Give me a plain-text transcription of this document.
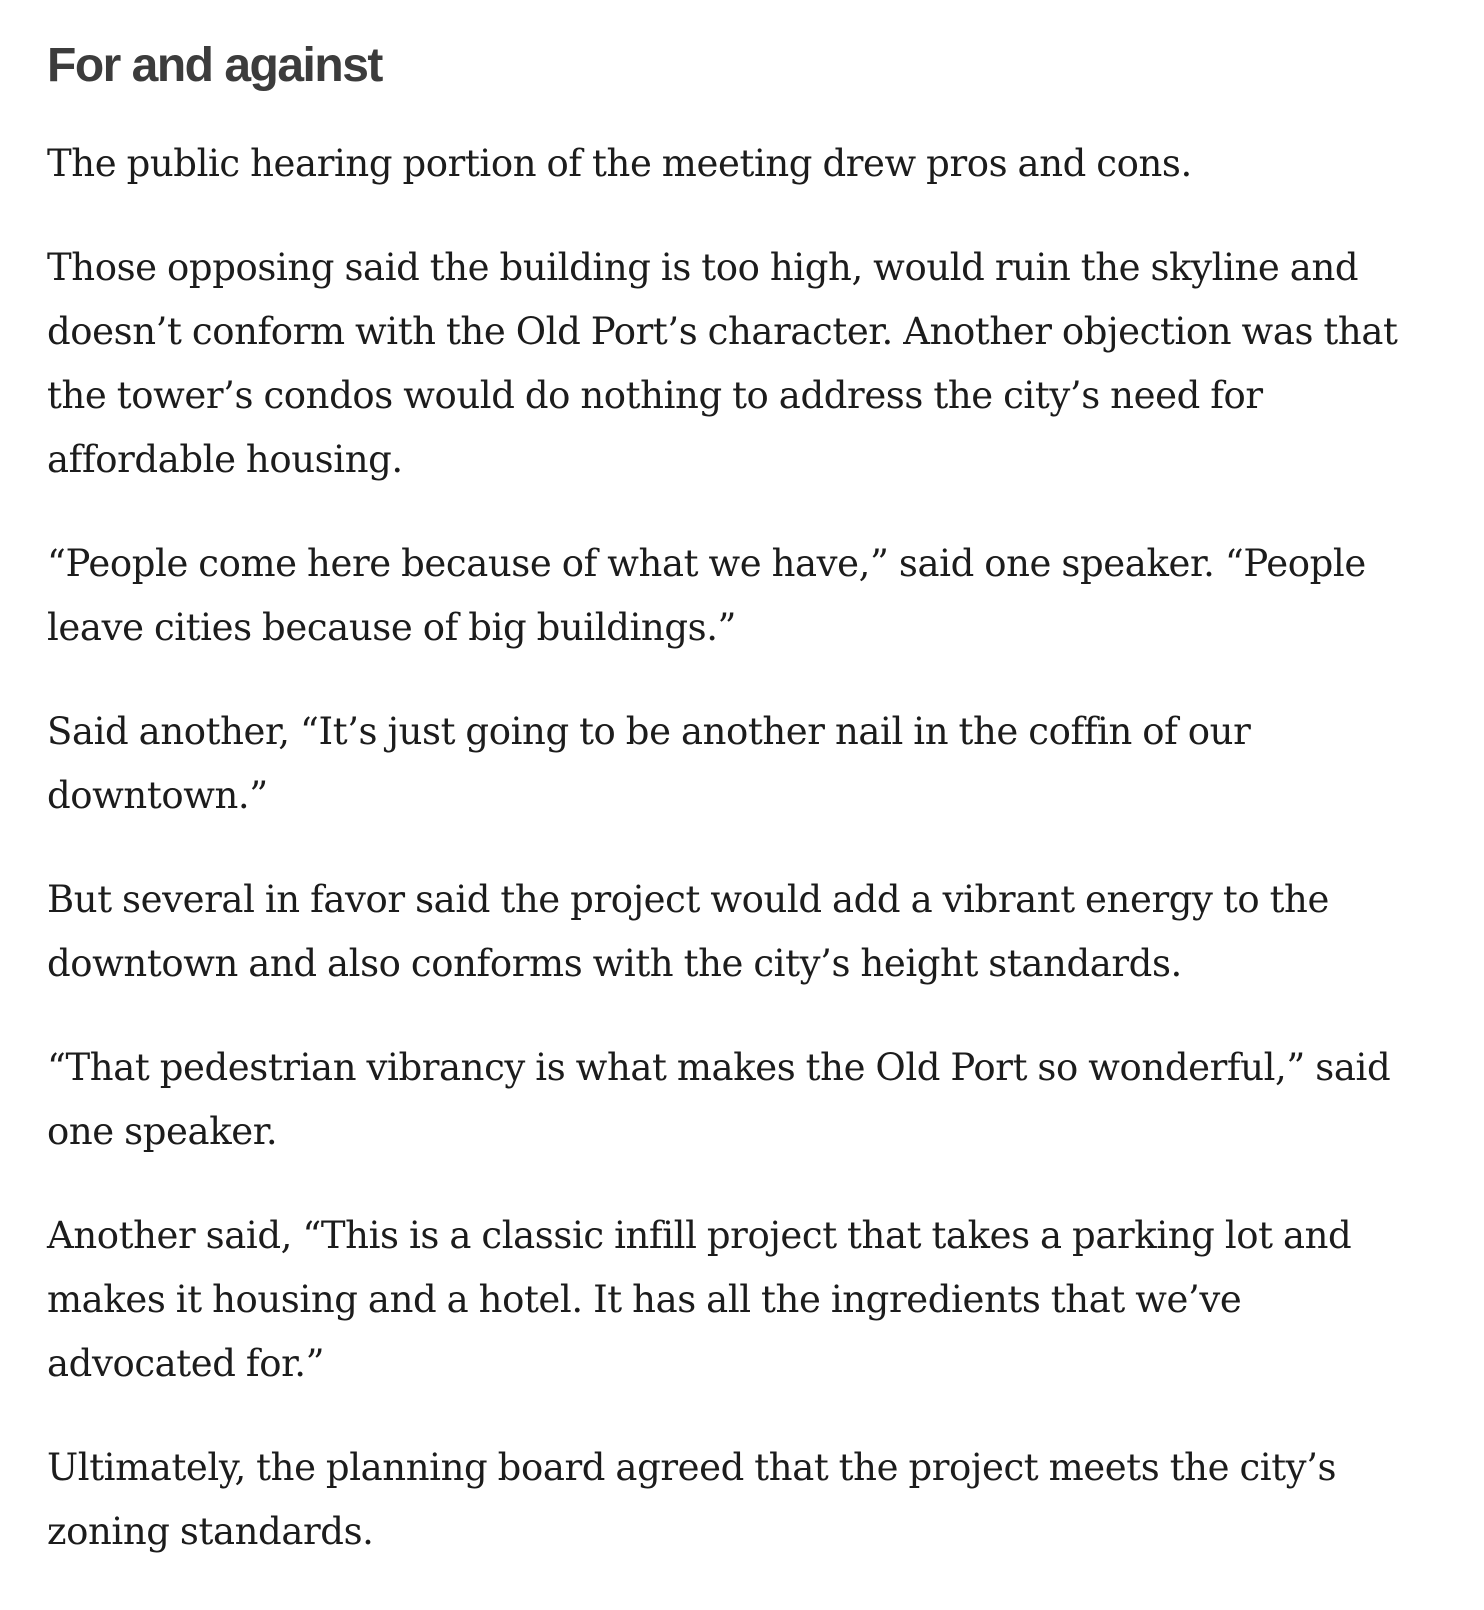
For and against

The public hearing portion of the meeting drew pros and cons.

Those opposing said the building is too high, would ruin the skyline and doesn’t conform with the Old Port’s character. Another objection was that the tower’s condos would do nothing to address the city’s need for affordable housing.

“People come here because of what we have,” said one speaker. “People leave cities because of big buildings.”

Said another, “It’s just going to be another nail in the coffin of our downtown.”

But several in favor said the project would add a vibrant energy to the downtown and also conforms with the city’s height standards.

“That pedestrian vibrancy is what makes the Old Port so wonderful,” said one speaker.

Another said, “This is a classic infill project that takes a parking lot and makes it housing and a hotel. It has all the ingredients that we’ve advocated for.”

Ultimately, the planning board agreed that the project meets the city’s zoning standards.
